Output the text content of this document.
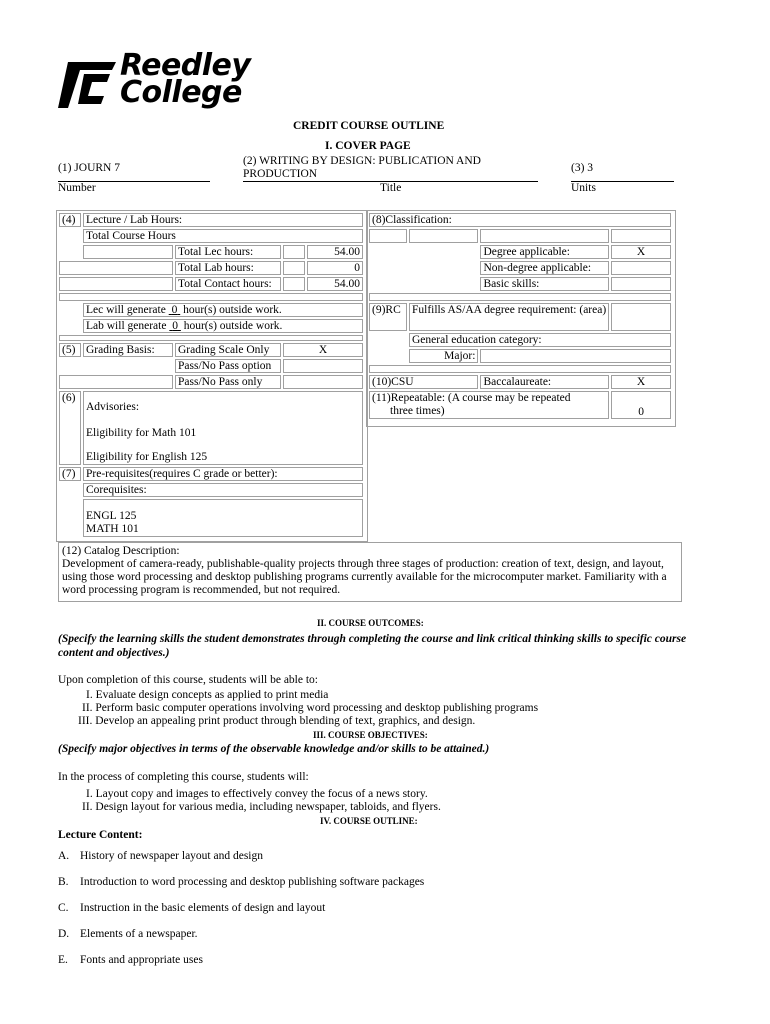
Reedley
College
CREDIT COURSE OUTLINE
I. COVER PAGE
(1) JOURN 7
(2) WRITING BY DESIGN: PUBLICATION AND
PRODUCTION	(3) 3
Number	Title	Units
(4)	Lecture / Lab Hours:			
	Total Course Hours			
		Total Lec hours:		54.00
		Total Lab hours:		0
		Total Contact hours:		54.00

	Lec will generate 0 hour(s) outside work.			
	Lab will generate 0 hour(s) outside work.			

(5)	Grading Basis:	Grading Scale Only	X	
		Pass/No Pass option		
		Pass/No Pass only		
(6)	Advisories:
Eligibility for Math 101
Eligibility for English 125			

(7)	Pre-requisites(requires C grade or better):			
	Corequisites:			

	ENGL 125
MATH 101			
(8)Classification:			

		Degree applicable:	X
		Non-degree applicable:	
		Basic skills:	

(9)RC	Fulfills AS/AA degree requirement: (area)		
	General education category:		
	Major:		

(10)CSU		Baccalaureate:	X

(11)Repeatable: (A course may be repeated
three times)			0
(12) Catalog Description:
Development of camera-ready, publishable-quality projects through three stages of production: creation of text, design, and layout, using those word processing and desktop publishing programs currently available for the microcomputer market. Familiarity with a word processing program is recommended, but not required.
II. COURSE OUTCOMES:
(Specify the learning skills the student demonstrates through completing the course and link critical thinking skills to specific course content and objectives.)
Upon completion of this course, students will be able to:
I. Evaluate design concepts as applied to print media
II. Perform basic computer operations involving word processing and desktop publishing programs
III. Develop an appealing print product through blending of text, graphics, and design.
III. COURSE OBJECTIVES:
(Specify major objectives in terms of the observable knowledge and/or skills to be attained.)
In the process of completing this course, students will:
I. Layout copy and images to effectively convey the focus of a news story.
II. Design layout for various media, including newspaper, tabloids, and flyers.
IV. COURSE OUTLINE:
Lecture Content:
A. History of newspaper layout and design
B. Introduction to word processing and desktop publishing software packages
C. Instruction in the basic elements of design and layout
D. Elements of a newspaper.
E. Fonts and appropriate uses
